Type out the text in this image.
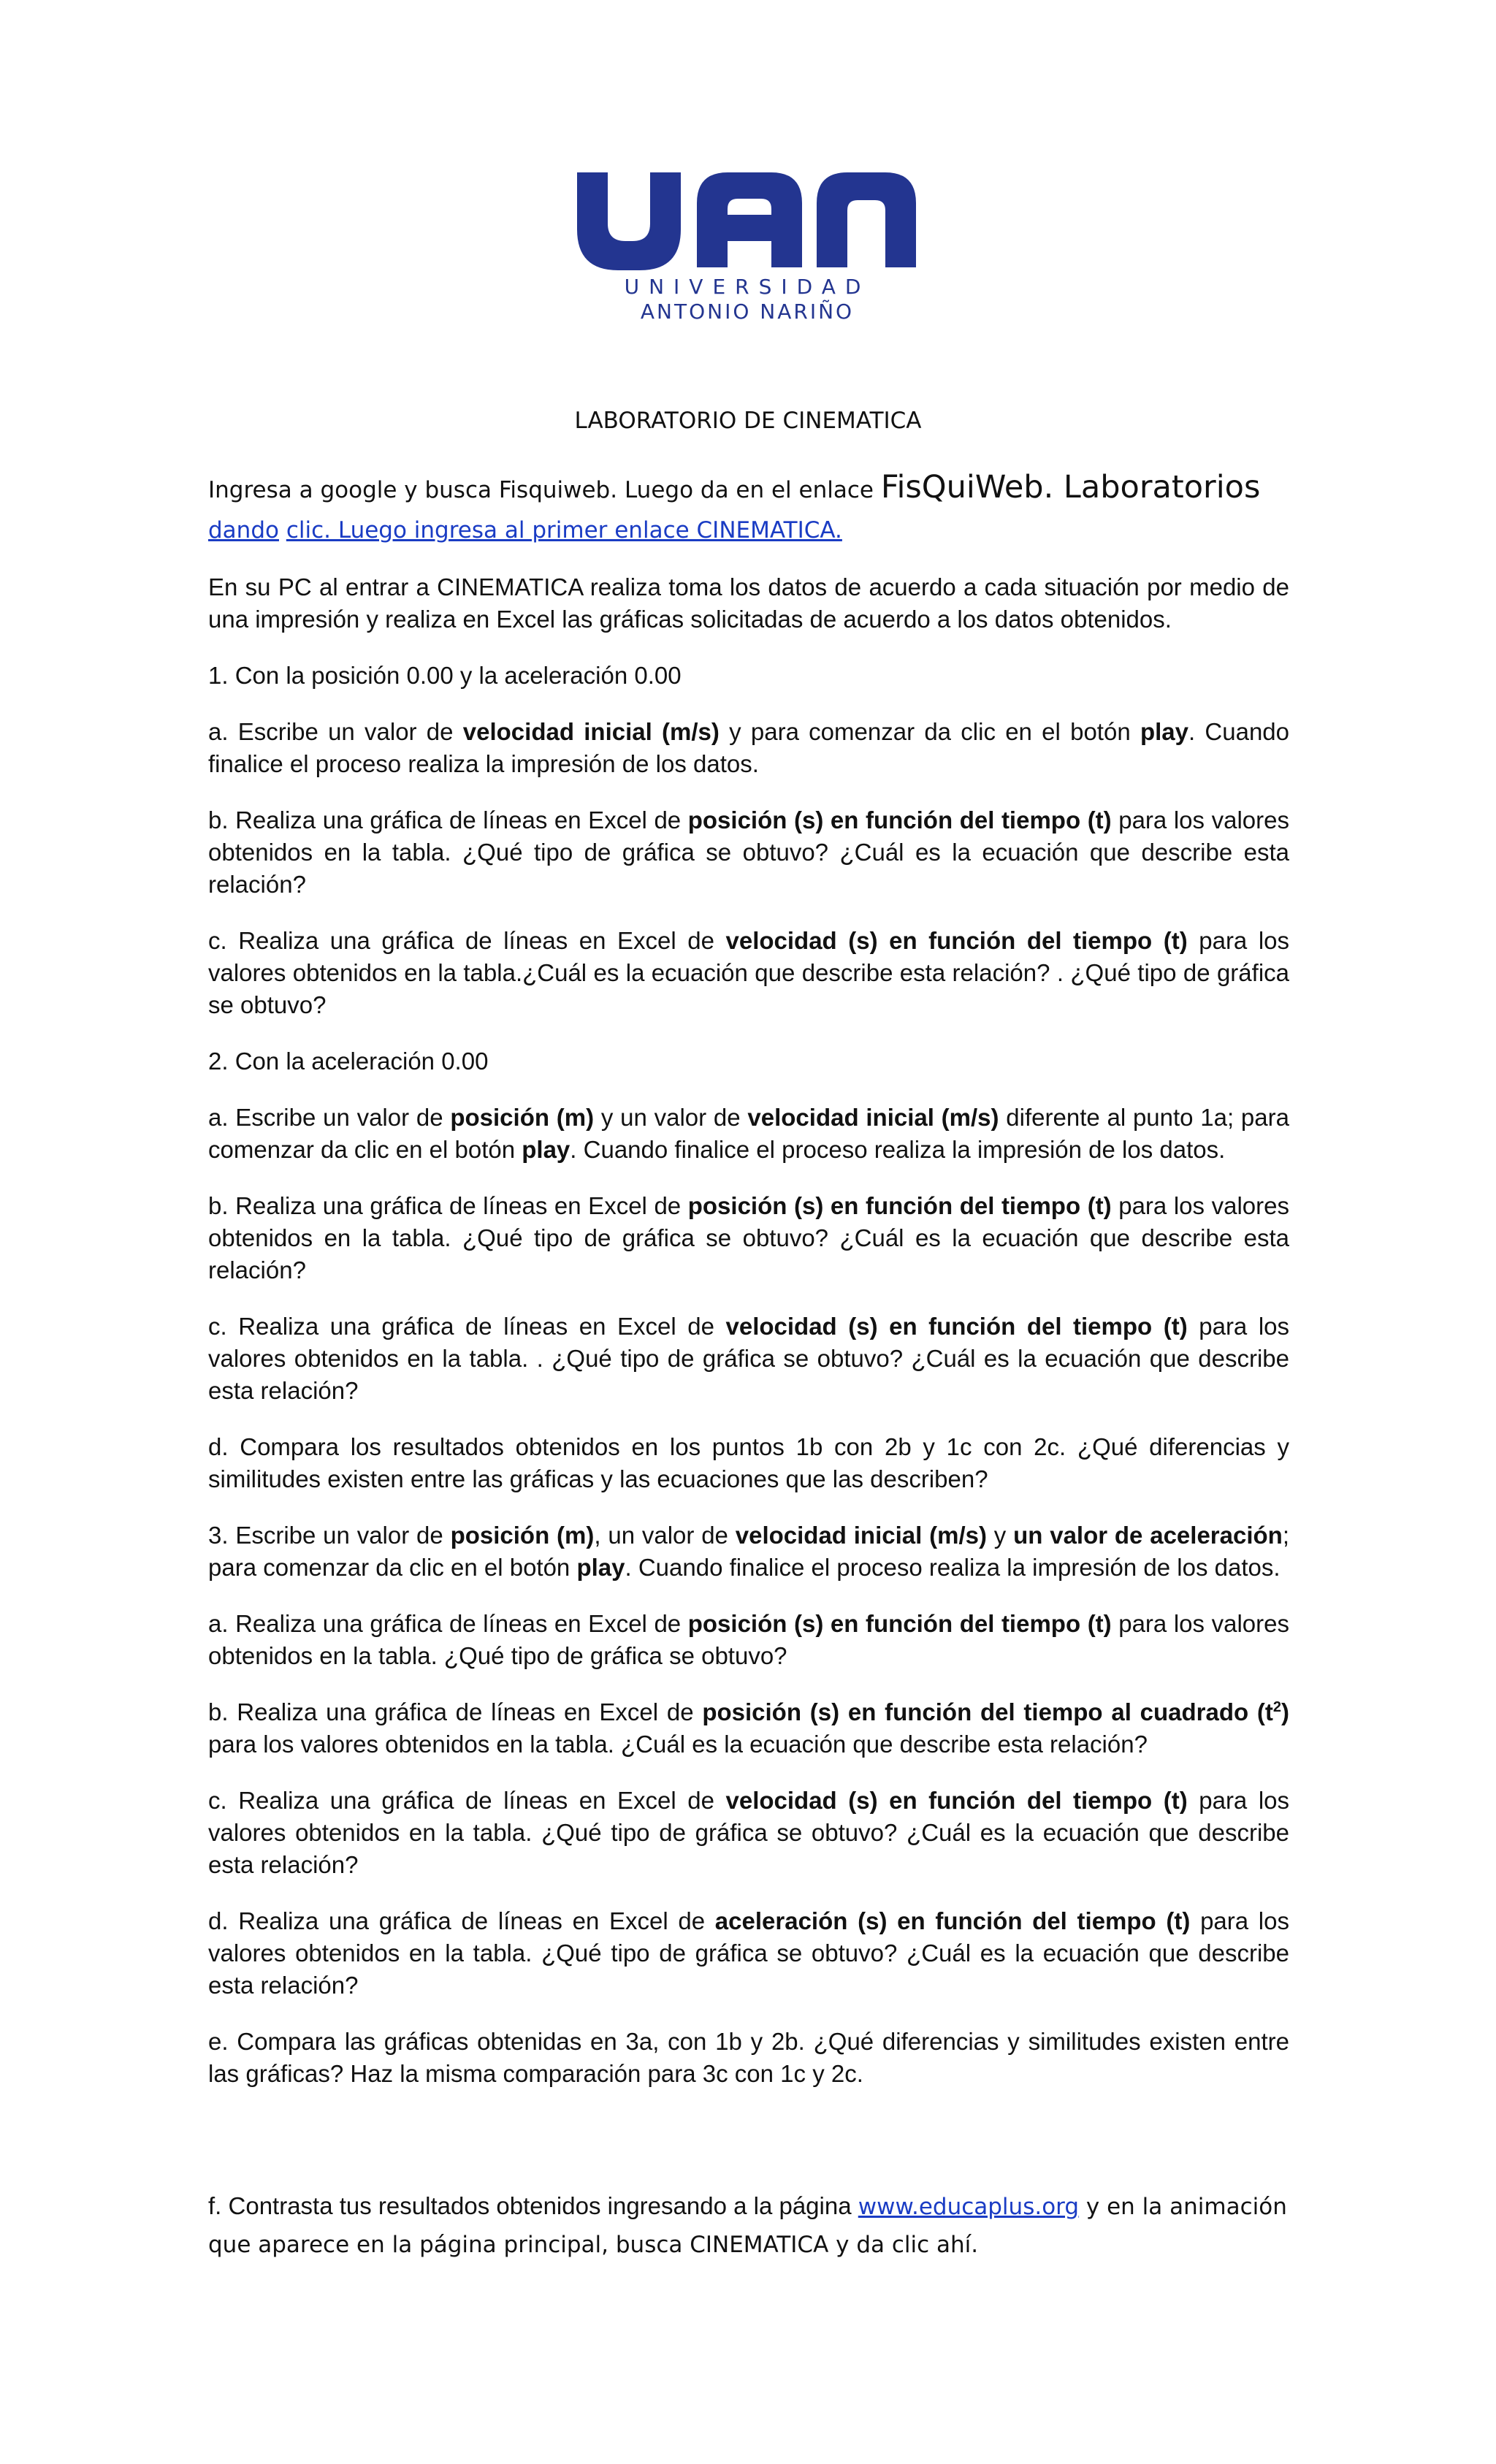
UNIVERSIDAD
ANTONIO NARIÑO
LABORATORIO DE CINEMATICA
Ingresa a google y busca Fisquiweb. Luego da en el enlace FisQuiWeb. Laboratorios dando clic. Luego ingresa al primer enlace CINEMATICA.

En su PC al entrar a CINEMATICA realiza toma los datos de acuerdo a cada situación por medio de una impresión y realiza en Excel las gráficas solicitadas de acuerdo a los datos obtenidos.

1. Con la posición 0.00 y la aceleración 0.00

a. Escribe un valor de velocidad inicial (m/s) y para comenzar da clic en el botón play. Cuando finalice el proceso realiza la impresión de los datos.

b. Realiza una gráfica de líneas en Excel de posición (s) en función del tiempo (t) para los valores obtenidos en la tabla. ¿Qué tipo de gráfica se obtuvo? ¿Cuál es la ecuación que describe esta relación?

c. Realiza una gráfica de líneas en Excel de velocidad (s) en función del tiempo (t) para los valores obtenidos en la tabla.¿Cuál es la ecuación que describe esta relación? . ¿Qué tipo de gráfica se obtuvo?

2. Con la aceleración 0.00

a. Escribe un valor de posición (m) y un valor de velocidad inicial (m/s) diferente al punto 1a; para comenzar da clic en el botón play. Cuando finalice el proceso realiza la impresión de los datos.

b. Realiza una gráfica de líneas en Excel de posición (s) en función del tiempo (t) para los valores obtenidos en la tabla. ¿Qué tipo de gráfica se obtuvo? ¿Cuál es la ecuación que describe esta relación?

c. Realiza una gráfica de líneas en Excel de velocidad (s) en función del tiempo (t) para los valores obtenidos en la tabla. . ¿Qué tipo de gráfica se obtuvo? ¿Cuál es la ecuación que describe esta relación?

d. Compara los resultados obtenidos en los puntos 1b con 2b y 1c con 2c. ¿Qué diferencias y similitudes existen entre las gráficas y las ecuaciones que las describen?

3. Escribe un valor de posición (m), un valor de velocidad inicial (m/s) y un valor de aceleración; para comenzar da clic en el botón play. Cuando finalice el proceso realiza la impresión de los datos.

a. Realiza una gráfica de líneas en Excel de posición (s) en función del tiempo (t) para los valores obtenidos en la tabla. ¿Qué tipo de gráfica se obtuvo?

b. Realiza una gráfica de líneas en Excel de posición (s) en función del tiempo al cuadrado $(t^2)$ para los valores obtenidos en la tabla. ¿Cuál es la ecuación que describe esta relación?

c. Realiza una gráfica de líneas en Excel de velocidad (s) en función del tiempo (t) para los valores obtenidos en la tabla. ¿Qué tipo de gráfica se obtuvo? ¿Cuál es la ecuación que describe esta relación?

d. Realiza una gráfica de líneas en Excel de aceleración (s) en función del tiempo (t) para los valores obtenidos en la tabla. ¿Qué tipo de gráfica se obtuvo? ¿Cuál es la ecuación que describe esta relación?

e. Compara las gráficas obtenidas en 3a, con 1b y 2b. ¿Qué diferencias y similitudes existen entre las gráficas? Haz la misma comparación para 3c con 1c y 2c.

f. Contrasta tus resultados obtenidos ingresando a la página www.educaplus.org y en la animación que aparece en la página principal, busca CINEMATICA y da clic ahí.
